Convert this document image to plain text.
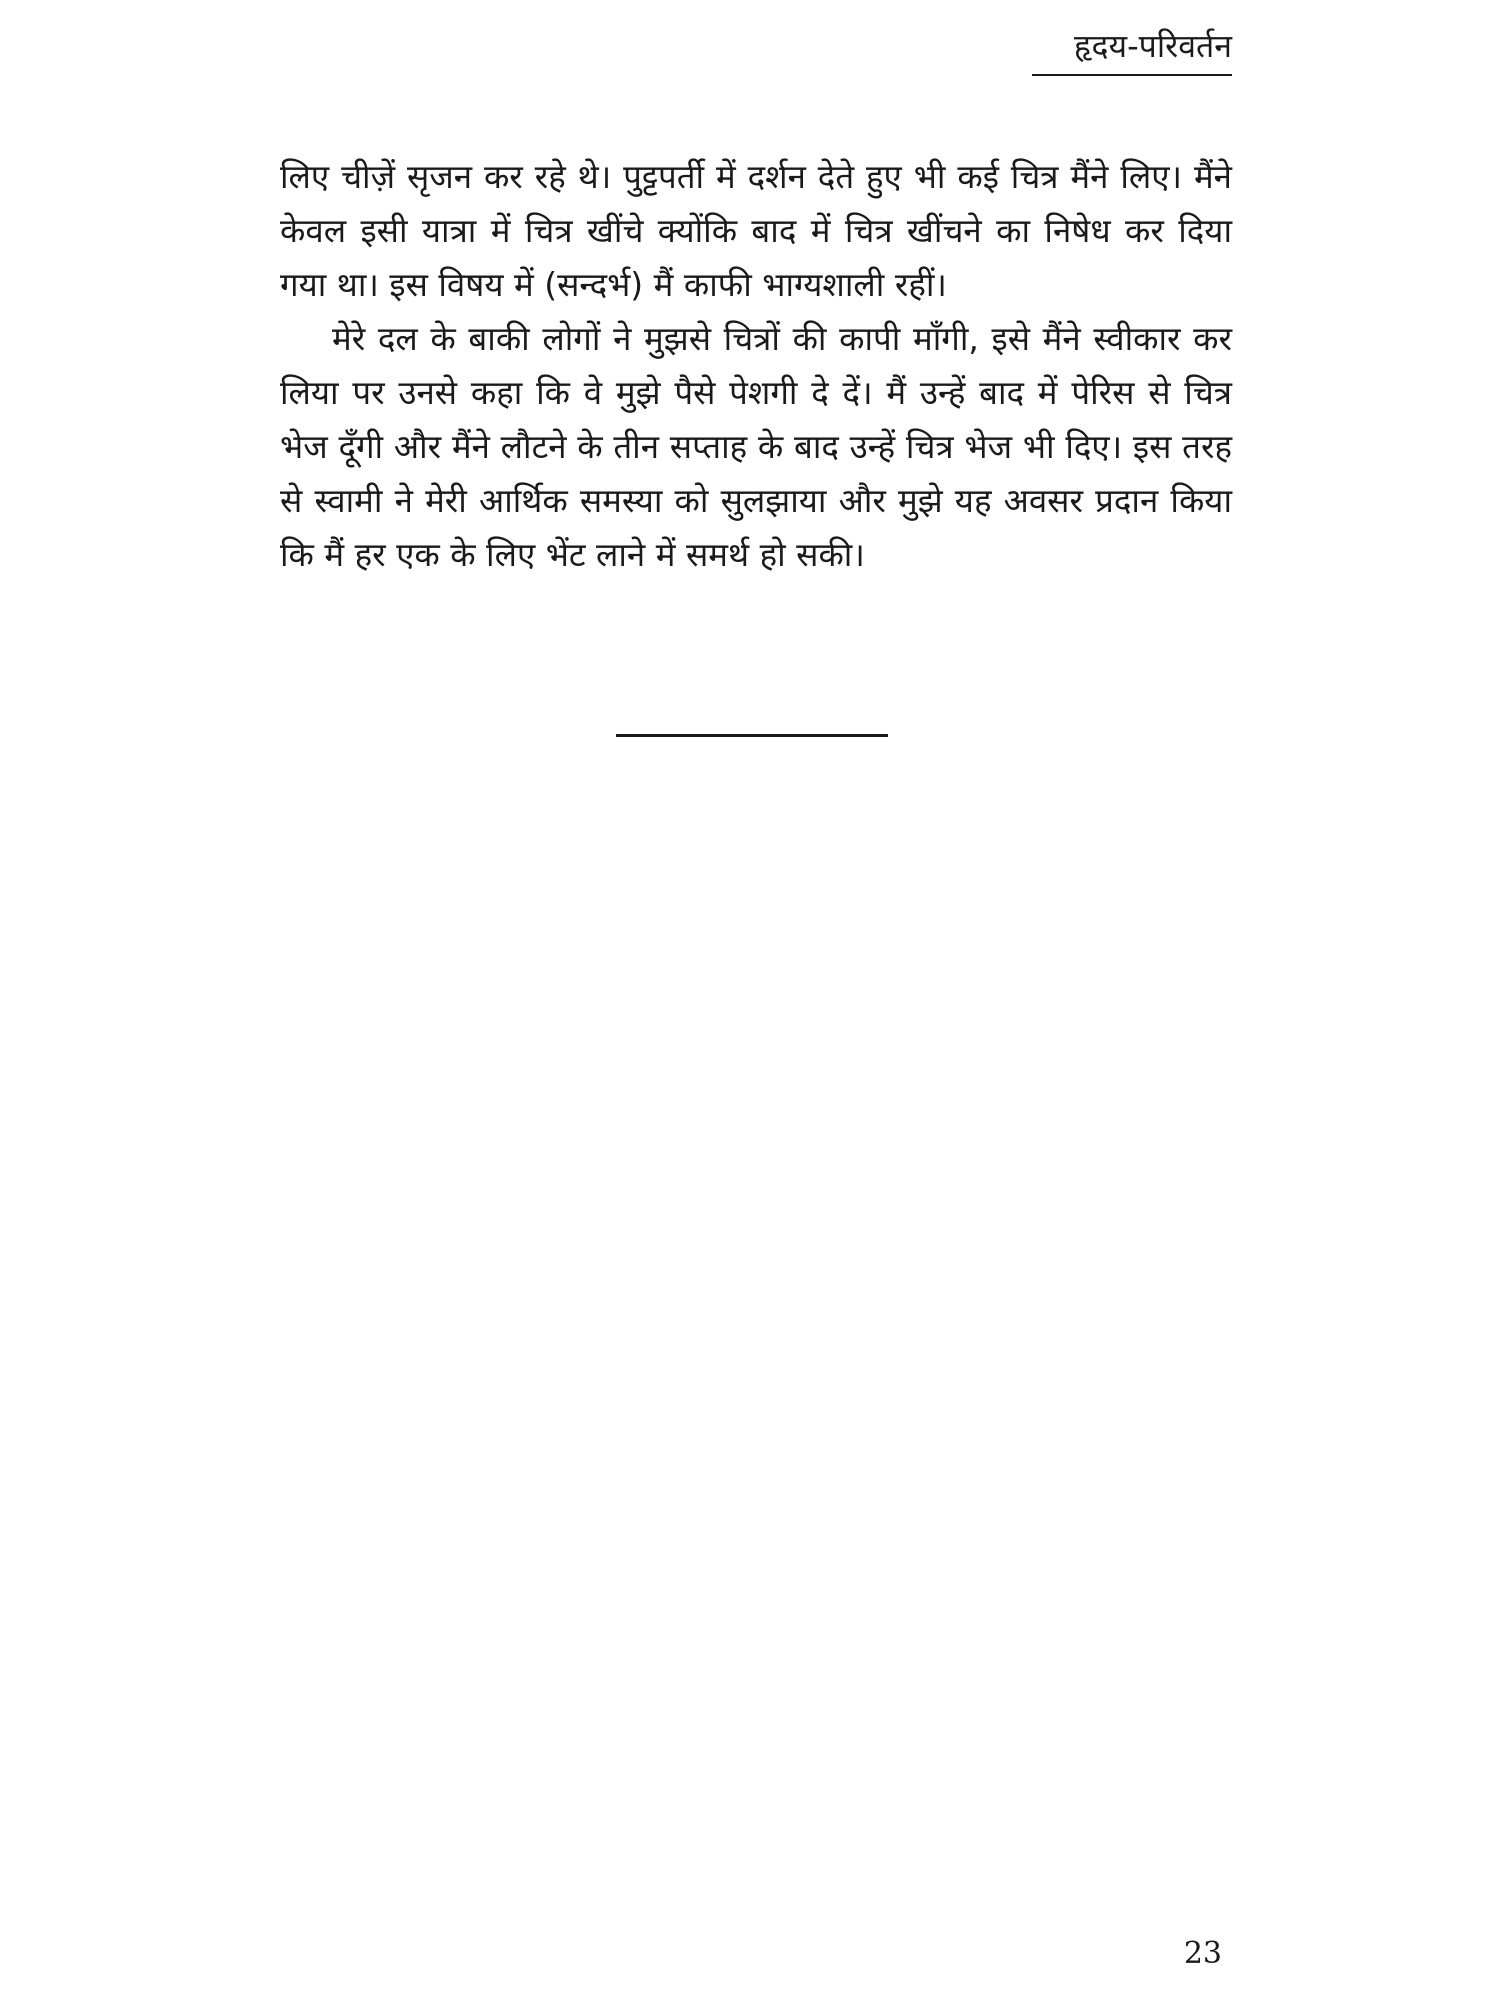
हृदय-परिवर्तन

लिए चीज़ें सृजन कर रहे थे। पुट्टपर्ती में दर्शन देते हुए भी कई चित्र मैंने लिए। मैंने केवल इसी यात्रा में चित्र खींचे क्योंकि बाद में चित्र खींचने का निषेध कर दिया गया था। इस विषय में (सन्दर्भ) मैं काफी भाग्यशाली रहीं।

मेरे दल के बाकी लोगों ने मुझसे चित्रों की कापी माँगी, इसे मैंने स्वीकार कर लिया पर उनसे कहा कि वे मुझे पैसे पेशगी दे दें। मैं उन्हें बाद में पेरिस से चित्र भेज दूँगी और मैंने लौटने के तीन सप्ताह के बाद उन्हें चित्र भेज भी दिए। इस तरह से स्वामी ने मेरी आर्थिक समस्या को सुलझाया और मुझे यह अवसर प्रदान किया कि मैं हर एक के लिए भेंट लाने में समर्थ हो सकी।

23
